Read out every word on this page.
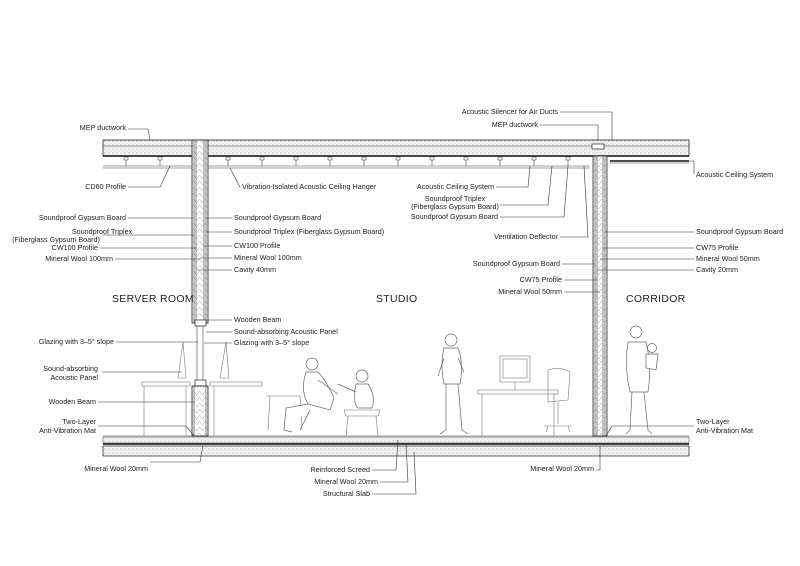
SERVER ROOM	STUDIO	CORRIDOR
MEP ductwork
CD60 Profile
Soundproof Gypsum Board
Soundproof Triplex
(Fiberglass Gypsum Board)
CW100 Profile
Mineral Wool 100mm
Glazing with 3–5° slope
Sound-absorbing
Acoustic Panel
Wooden Beam
Two-Layer
Anti-Vibration Mat
Mineral Wool 20mm
Soundproof Gypsum Board
Soundproof Triplex (Fiberglass Gypsum Board)
CW100 Profile
Mineral Wool 100mm
Cavity 40mm
Wooden Beam
Sound-absorbing Acoustic Panel
Glazing with 3–5° slope
Vibration-Isolated Acoustic Ceiling Hanger	Acoustic Ceiling System
Acoustic Silencer for Air Ducts
MEP ductwork
Soundproof Triplex
(Fiberglass Gypsum Board)
Soundproof Gypsum Board
Ventilation Deflector
Soundproof Gypsum Board
CW75 Profile
Mineral Wool 50mm
Acoustic Ceiling System
Soundproof Gypsum Board
CW75 Profile
Mineral Wool 50mm
Cavity 20mm
Two-Layer
Anti-Vibration Mat
Mineral Wool 20mm
Reinforced Screed
Mineral Wool 20mm
Structural Slab
